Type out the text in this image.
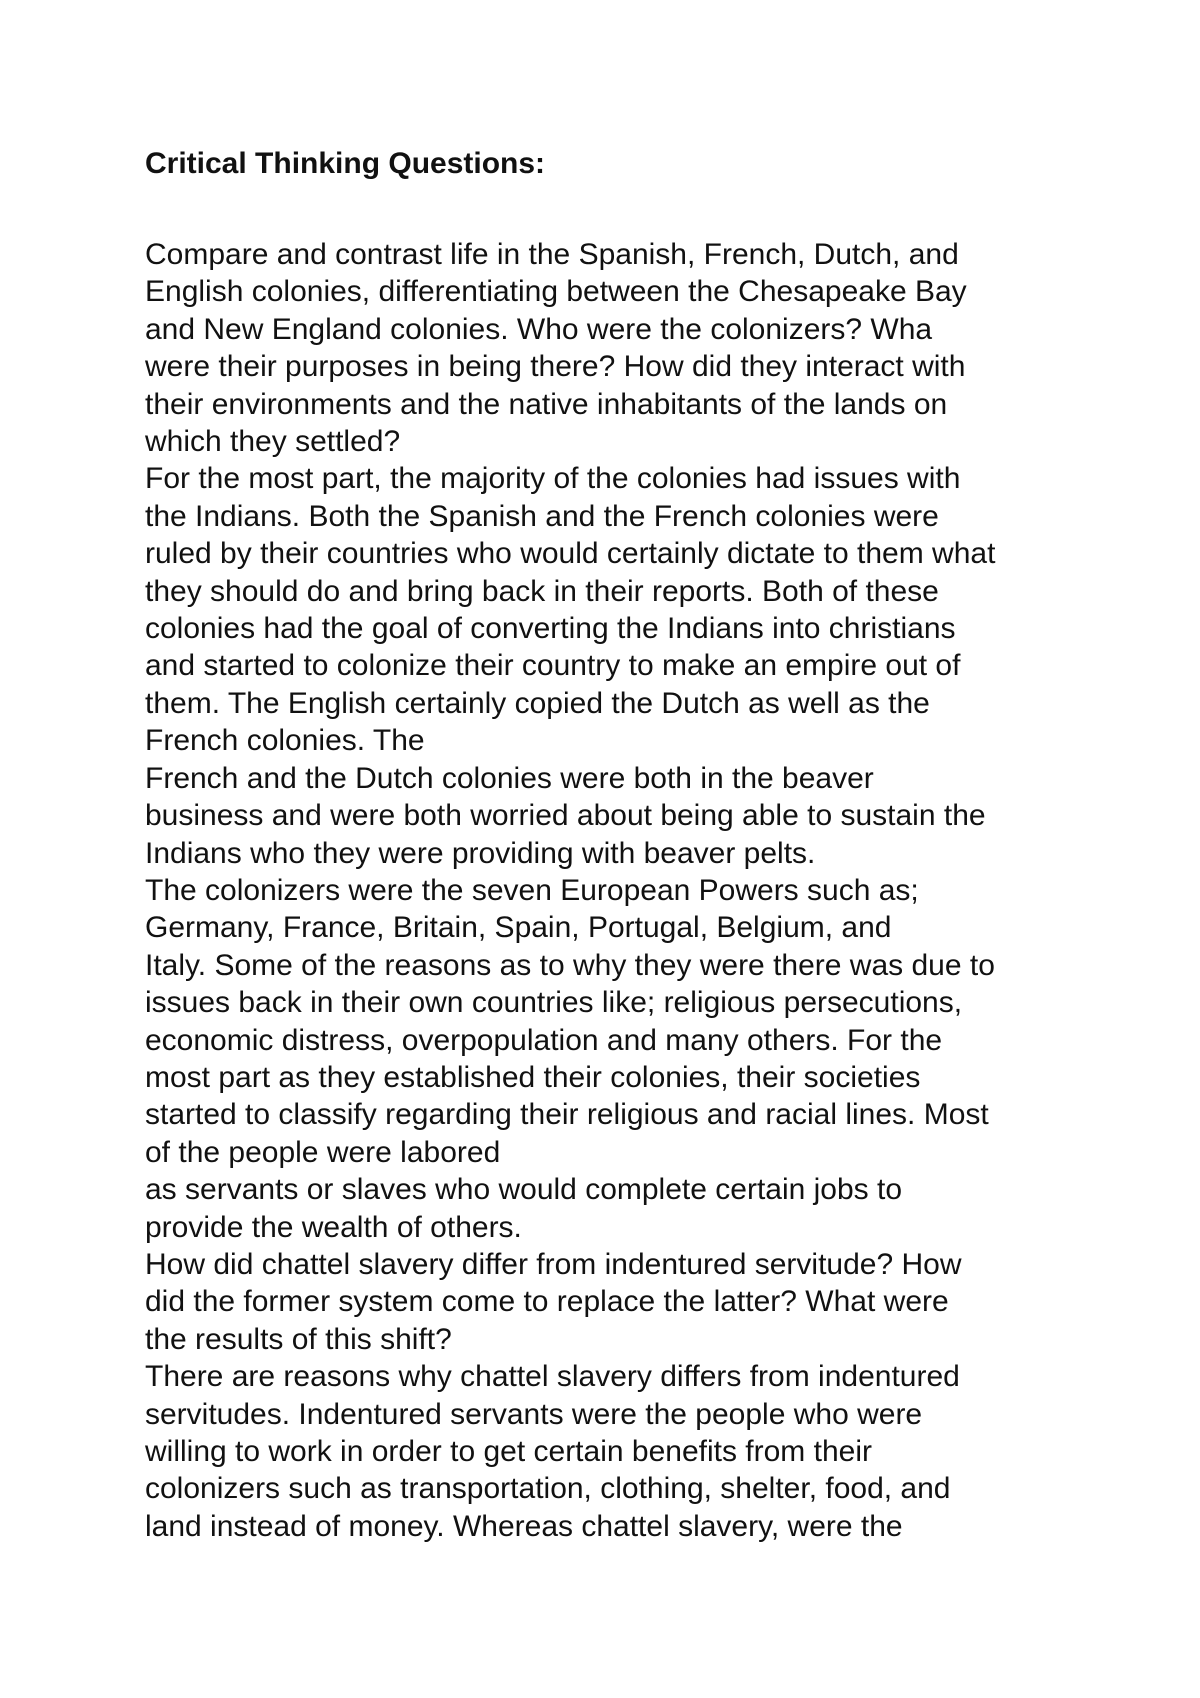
Critical Thinking Questions:
Compare and contrast life in the Spanish, French, Dutch, and
English colonies, differentiating between the Chesapeake Bay
and New England colonies. Who were the colonizers? Wha
were their purposes in being there? How did they interact with
their environments and the native inhabitants of the lands on
which they settled?
For the most part, the majority of the colonies had issues with
the Indians. Both the Spanish and the French colonies were
ruled by their countries who would certainly dictate to them what
they should do and bring back in their reports. Both of these
colonies had the goal of converting the Indians into christians
and started to colonize their country to make an empire out of
them. The English certainly copied the Dutch as well as the
French colonies. The
French and the Dutch colonies were both in the beaver
business and were both worried about being able to sustain the
Indians who they were providing with beaver pelts.
The colonizers were the seven European Powers such as;
Germany, France, Britain, Spain, Portugal, Belgium, and
Italy. Some of the reasons as to why they were there was due to
issues back in their own countries like; religious persecutions,
economic distress, overpopulation and many others. For the
most part as they established their colonies, their societies
started to classify regarding their religious and racial lines. Most
of the people were labored
as servants or slaves who would complete certain jobs to
provide the wealth of others.
How did chattel slavery differ from indentured servitude? How
did the former system come to replace the latter? What were
the results of this shift?
There are reasons why chattel slavery differs from indentured
servitudes. Indentured servants were the people who were
willing to work in order to get certain benefits from their
colonizers such as transportation, clothing, shelter, food, and
land instead of money. Whereas chattel slavery, were the
